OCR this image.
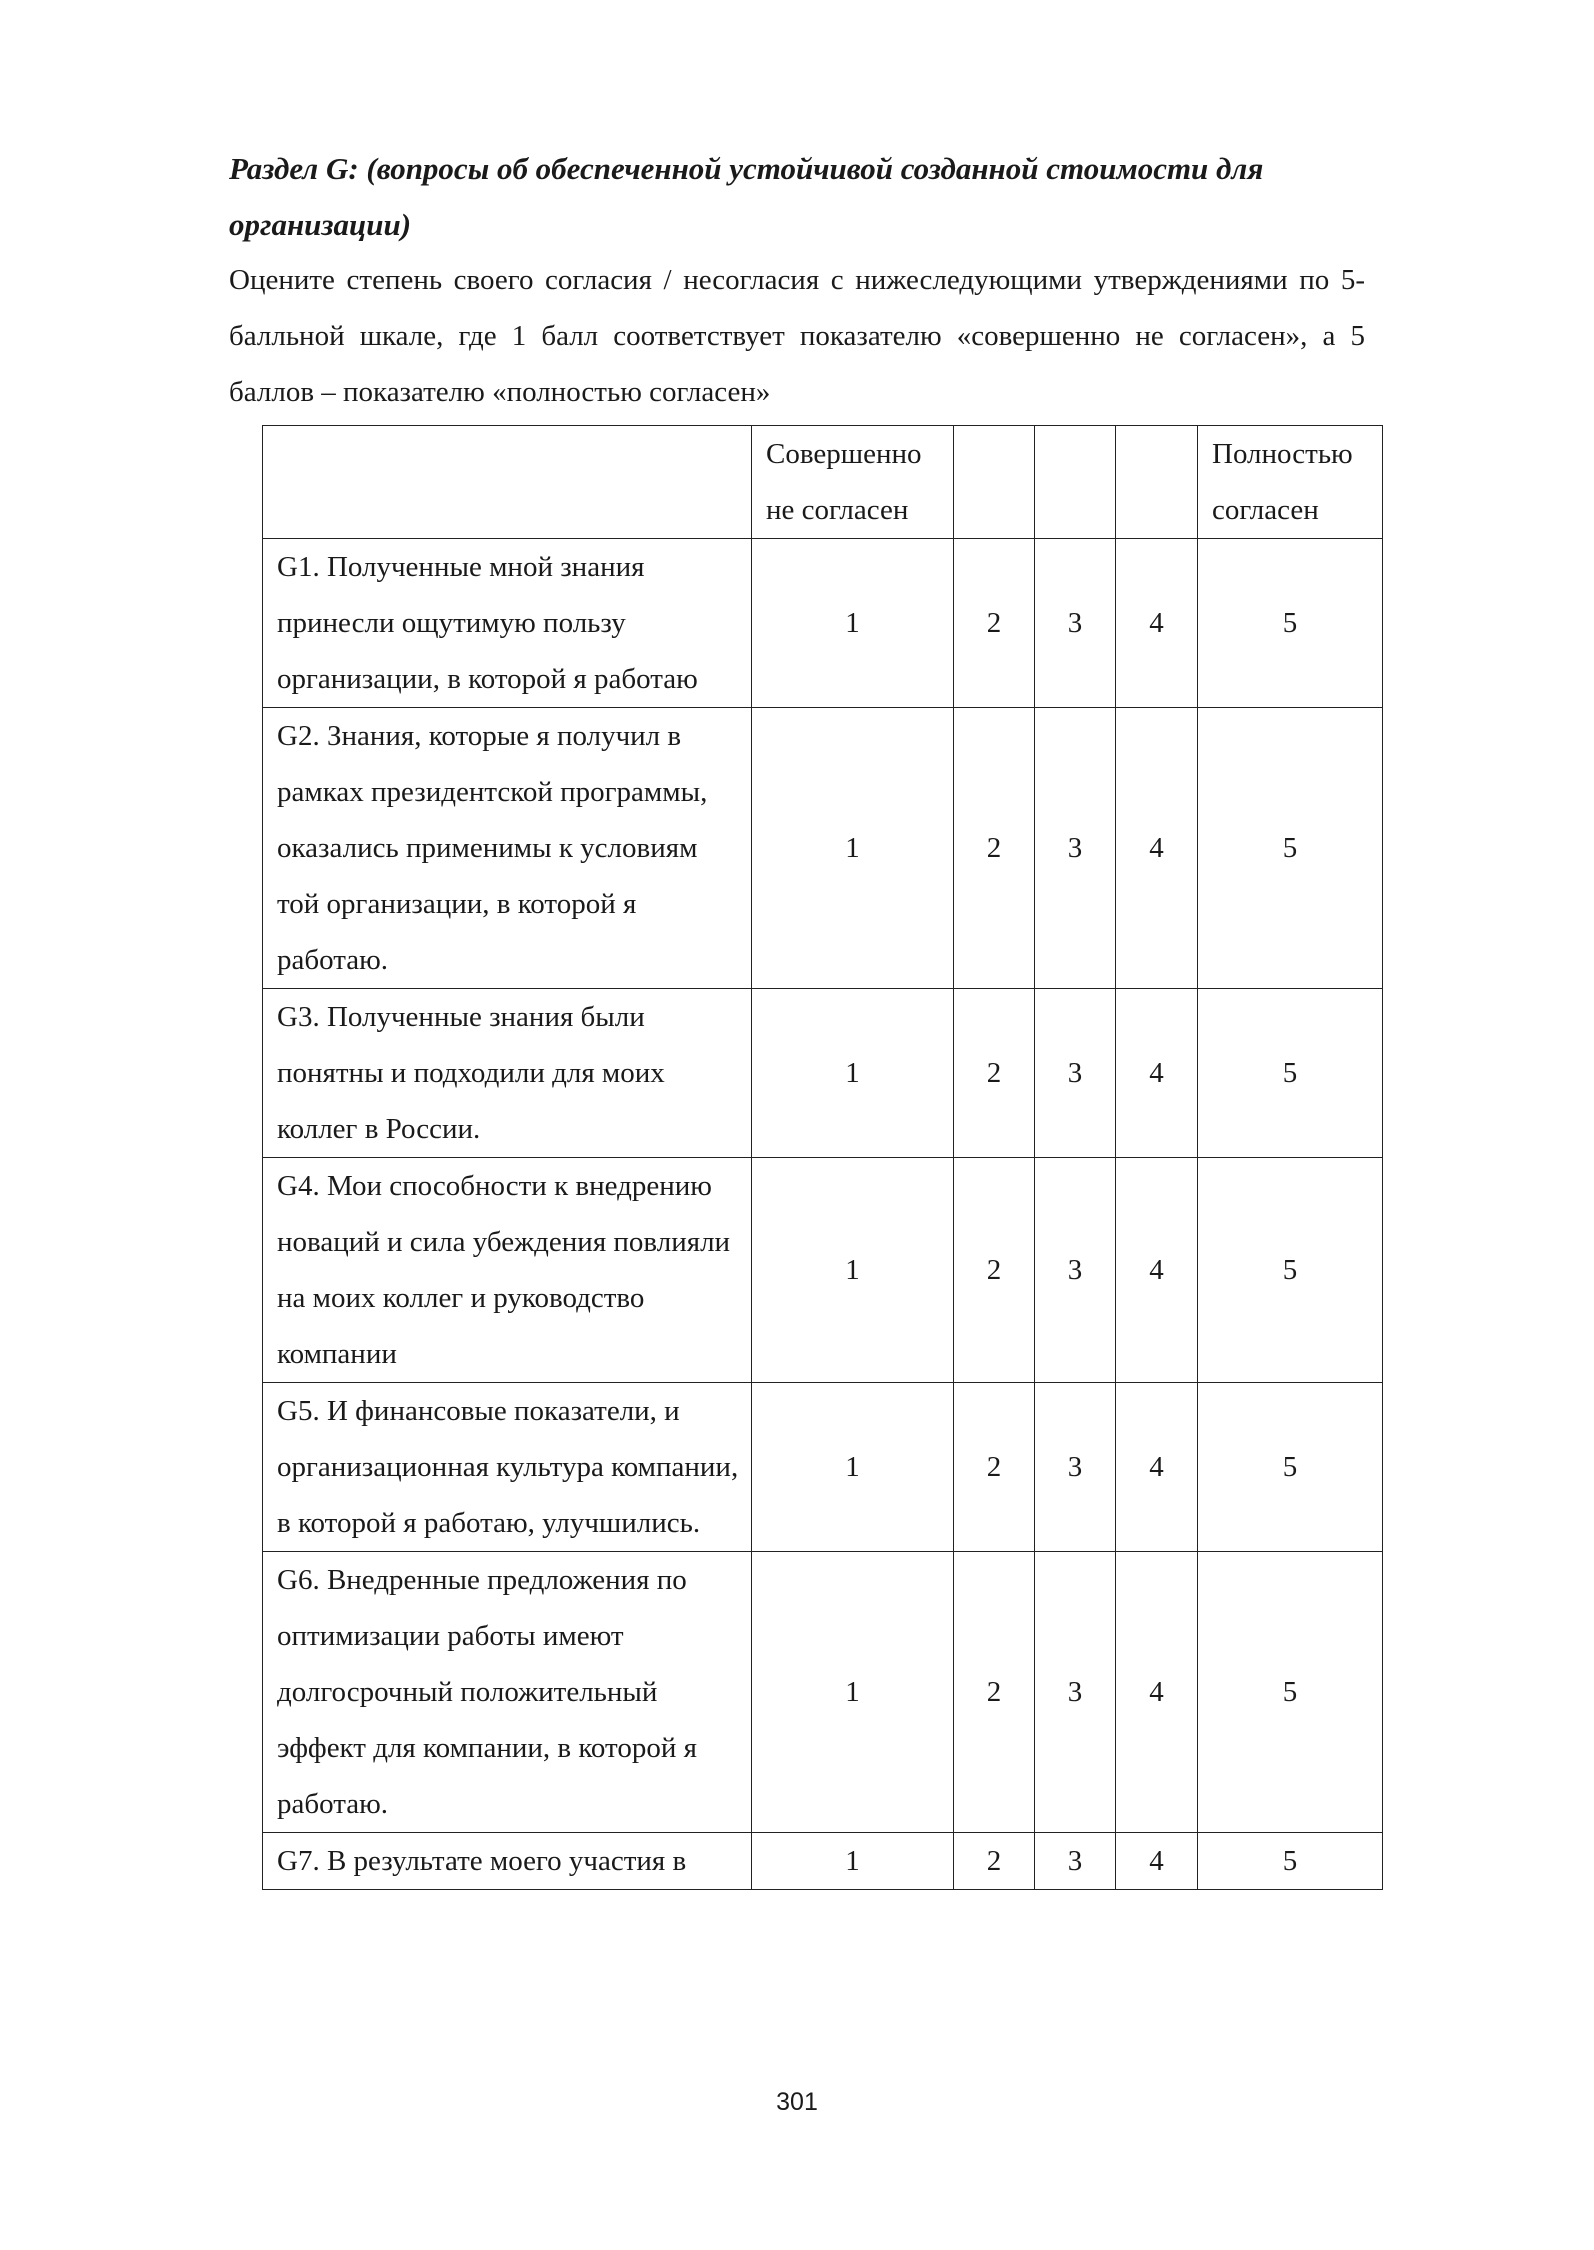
Раздел G: (вопросы об обеспеченной устойчивой созданной стоимости для организации)

Оцените степень своего согласия / несогласия с нижеследующими утверждениями по 5-балльной шкале, где 1 балл соответствует показателю «совершенно не согласен», а 5 баллов – показателю «полностью согласен»

	Совершенно не согласен				Полностью согласен
G1. Полученные мной знания принесли ощутимую пользу организации, в которой я работаю	1	2	3	4	5
G2. Знания, которые я получил в рамках президентской программы, оказались применимы к условиям той организации, в которой я работаю.	1	2	3	4	5
G3. Полученные знания были понятны и подходили для моих коллег в России.	1	2	3	4	5
G4. Мои способности к внедрению новаций и сила убеждения повлияли на моих коллег и руководство компании	1	2	3	4	5
G5. И финансовые показатели, и организационная культура компании, в которой я работаю, улучшились.	1	2	3	4	5
G6. Внедренные предложения по оптимизации работы имеют долгосрочный положительный эффект для компании, в которой я работаю.	1	2	3	4	5
G7. В результате моего участия в	1	2	3	4	5
301
